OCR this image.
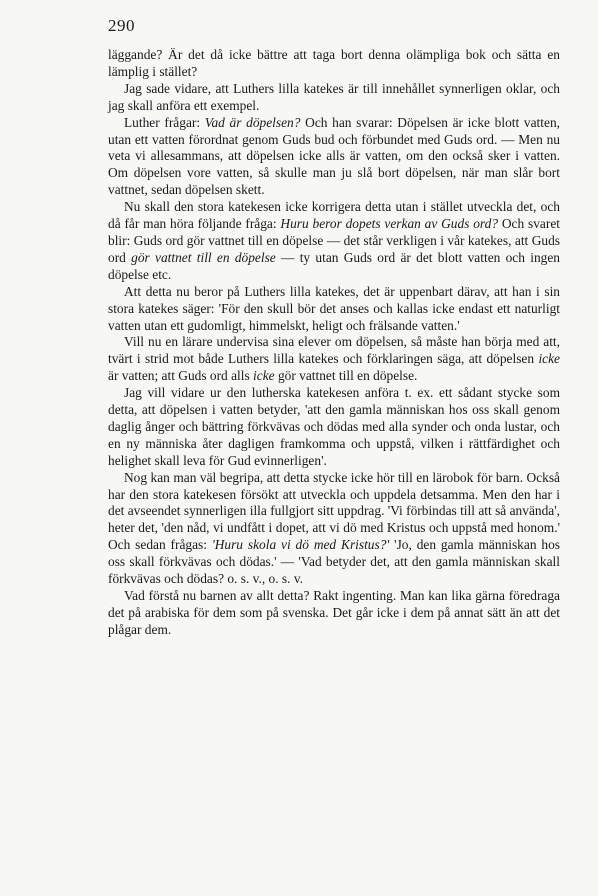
290

läggande? Är det då icke bättre att taga bort denna olämpliga bok och sätta en lämplig i stället?

Jag sade vidare, att Luthers lilla katekes är till innehållet synnerligen oklar, och jag skall anföra ett exempel.

Luther frågar: Vad är döpelsen? Och han svarar: Döpelsen är icke blott vatten, utan ett vatten förordnat genom Guds bud och förbundet med Guds ord. — Men nu veta vi allesammans, att döpelsen icke alls är vatten, om den också sker i vatten. Om döpelsen vore vatten, så skulle man ju slå bort döpelsen, när man slår bort vattnet, sedan döpelsen skett.

Nu skall den stora katekesen icke korrigera detta utan i stället utveckla det, och då får man höra följande fråga: Huru beror dopets verkan av Guds ord? Och svaret blir: Guds ord gör vattnet till en döpelse — det står verkligen i vår katekes, att Guds ord gör vattnet till en döpelse — ty utan Guds ord är det blott vatten och ingen döpelse etc.

Att detta nu beror på Luthers lilla katekes, det är uppenbart därav, att han i sin stora katekes säger: 'För den skull bör det anses och kallas icke endast ett naturligt vatten utan ett gudomligt, himmelskt, heligt och frälsande vatten.'

Vill nu en lärare undervisa sina elever om döpelsen, så måste han börja med att, tvärt i strid mot både Luthers lilla katekes och förklaringen säga, att döpelsen icke är vatten; att Guds ord alls icke gör vattnet till en döpelse.

Jag vill vidare ur den lutherska katekesen anföra t. ex. ett sådant stycke som detta, att döpelsen i vatten betyder, 'att den gamla människan hos oss skall genom daglig ånger och bättring förkvävas och dödas med alla synder och onda lustar, och en ny människa åter dagligen framkomma och uppstå, vilken i rättfärdighet och helighet skall leva för Gud evinnerligen'.

Nog kan man väl begripa, att detta stycke icke hör till en lärobok för barn. Också har den stora katekesen försökt att utveckla och uppdela detsamma. Men den har i det avseendet synnerligen illa fullgjort sitt uppdrag. 'Vi förbindas till att så använda', heter det, 'den nåd, vi undfått i dopet, att vi dö med Kristus och uppstå med honom.' Och sedan frågas: 'Huru skola vi dö med Kristus?' 'Jo, den gamla människan hos oss skall förkvävas och dödas.' — 'Vad betyder det, att den gamla människan skall förkvävas och dödas? o. s. v., o. s. v.

Vad förstå nu barnen av allt detta? Rakt ingenting. Man kan lika gärna föredraga det på arabiska för dem som på svenska. Det går icke i dem på annat sätt än att det plågar dem.
